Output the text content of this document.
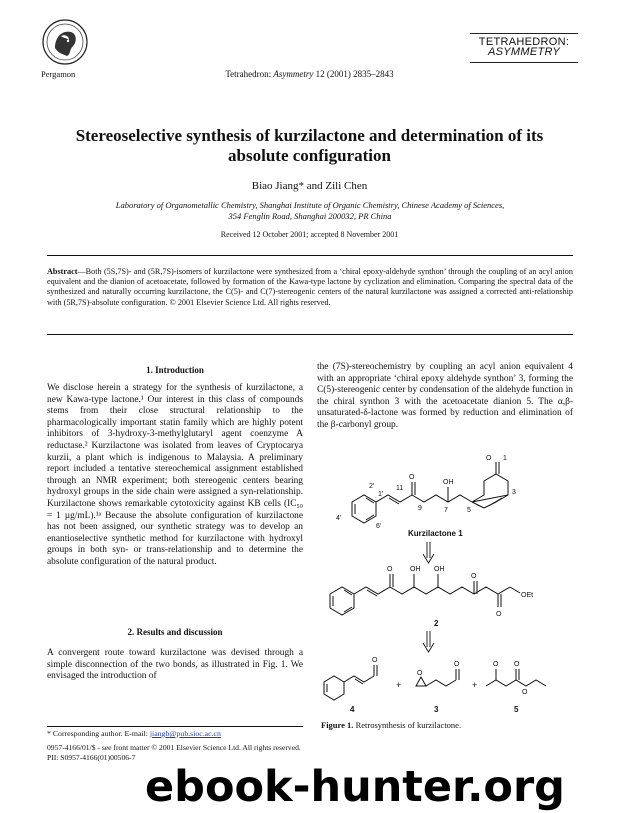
Pergamon	Tetrahedron: Asymmetry 12 (2001) 2835–2843
TETRAHEDRON:
ASYMMETRY
Stereoselective synthesis of kurzilactone and determination of its absolute configuration
Biao Jiang* and Zili Chen
Laboratory of Organometallic Chemistry, Shanghai Institute of Organic Chemistry, Chinese Academy of Sciences,
354 Fenglin Road, Shanghai 200032, PR China
Received 12 October 2001; accepted 8 November 2001
Abstract—Both (5S,7S)- and (5R,7S)-isomers of kurzilactone were synthesized from a ‘chiral epoxy-aldehyde synthon’ through the coupling of an acyl anion equivalent and the dianion of acetoacetate, followed by formation of the Kawa-type lactone by cyclization and elimination. Comparing the spectral data of the synthesized and naturally occurring kurzilactone, the C(5)- and C(7)-stereogenic centers of the natural kurzilactone was assigned a corrected anti-relationship with (5R,7S)-absolute configuration. © 2001 Elsevier Science Ltd. All rights reserved.
1. Introduction

We disclose herein a strategy for the synthesis of kurzilactone, a new Kawa-type lactone.¹ Our interest in this class of compounds stems from their close structural relationship to the pharmacologically important statin family which are highly potent inhibitors of 3-hydroxy-3-methylglutaryl agent coenzyme A reductase.² Kurzilactone was isolated from leaves of Cryptocarya kurzii, a plant which is indigenous to Malaysia. A preliminary report included a tentative stereochemical assignment established through an NMR experiment; both stereogenic centers bearing hydroxyl groups in the side chain were assigned a syn-relationship. Kurzilactone shows remarkable cytotoxicity against KB cells (IC₅₀ = 1 µg/mL).¹ᵃ Because the absolute configuration of kurzilactone has not been assigned, our synthetic strategy was to develop an enantioselective synthetic method for kurzilactone with hydroxyl groups in both syn- or trans-relationship and to determine the absolute configuration of the natural product.

2. Results and discussion

A convergent route toward kurzilactone was devised through a simple disconnection of the two bonds, as illustrated in Fig. 1. We envisaged the introduction of

the (7S)-stereochemistry by coupling an acyl anion equivalent 4 with an appropriate ‘chiral epoxy aldehyde synthon’ 3, forming the C(5)-stereogenic center by condensation of the aldehyde function in the chiral synthon 3 with the acetoacetate dianion 5. The α,β-unsaturated-δ-lactone was formed by reduction and elimination of the β-carbonyl group.

O
O
OH
1
3
5
7
9
11
2'
1'
4'
6'
Kurzilactone 1
O	OH OH
O
O
OEt
2
O
O
O	O O
O
+	+
4	3	5
Figure 1. Retrosynthesis of kurzilactone.
* Corresponding author. E-mail: jiangb@pub.sioc.ac.cn
0957-4166/01/$ - see front matter © 2001 Elsevier Science Ltd. All rights reserved.
PII: S0957-4166(01)00506-7
ebook-hunter.org
